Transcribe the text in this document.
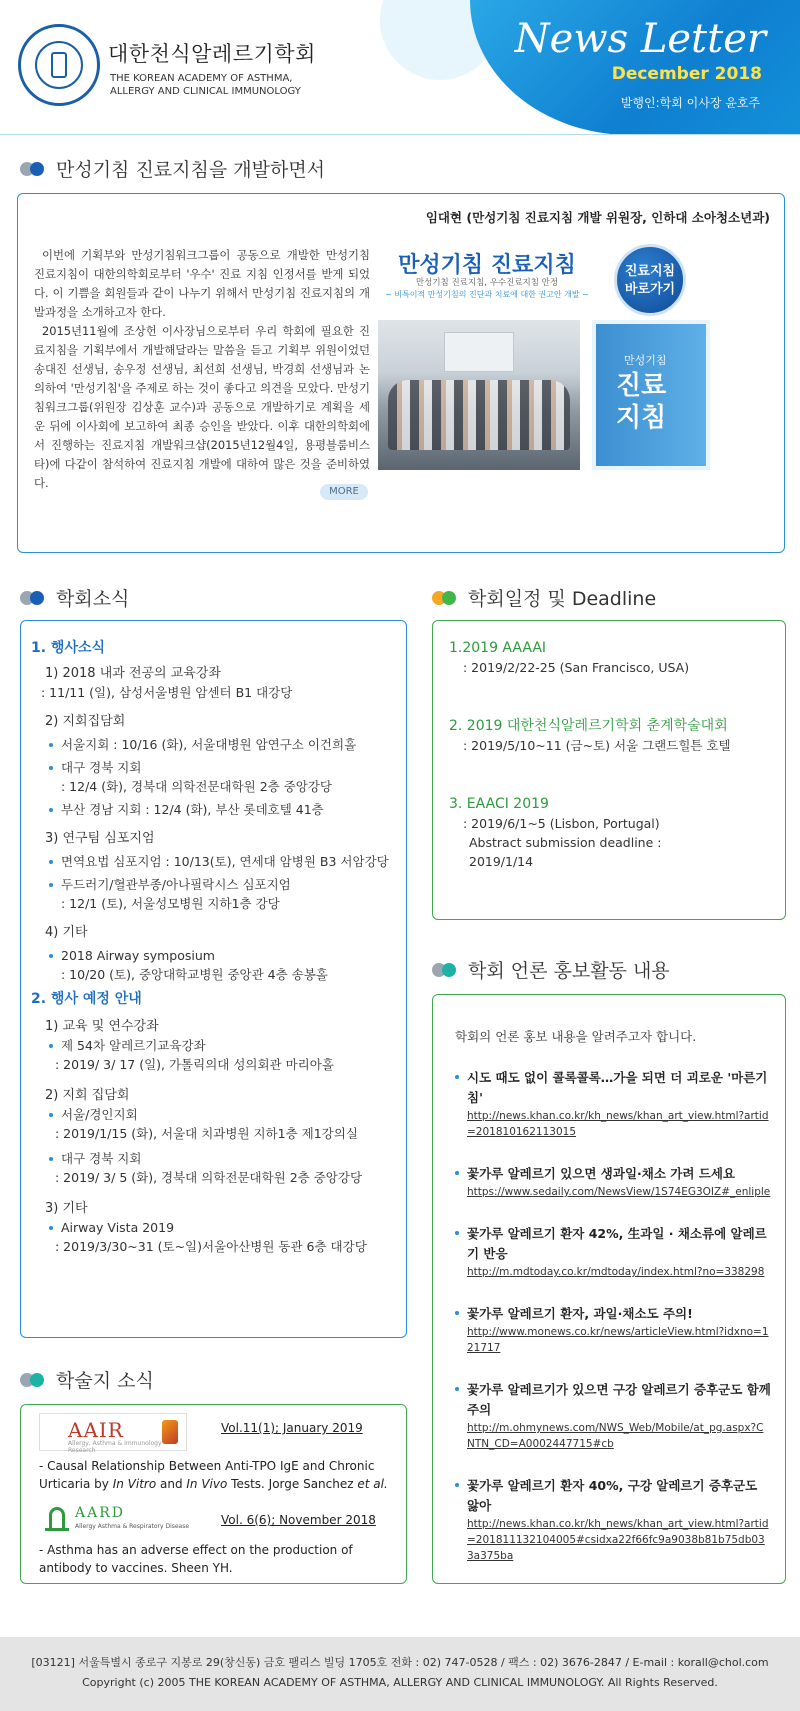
대한천식알레르기학회
THE KOREAN ACADEMY OF ASTHMA,
ALLERGY AND CLINICAL IMMUNOLOGY
News Letter
December 2018
발행인:학회 이사장 윤호주
만성기침 진료지침을 개발하면서
임대현 (만성기침 진료지침 개발 위원장, 인하대 소아청소년과)

이번에 기획부와 만성기침워크그룹이 공동으로 개발한 만성기침 진료지침이 대한의학회로부터 '우수' 진료 지침 인정서를 받게 되었다. 이 기쁨을 회원들과 같이 나누기 위해서 만성기침 진료지침의 개발과정을 소개하고자 한다.

2015년11월에 조상헌 이사장님으로부터 우리 학회에 필요한 진료지침을 기획부에서 개발해달라는 말씀을 듣고 기획부 위원이었던 송대진 선생님, 송우정 선생님, 최선희 선생님, 박경희 선생님과 논의하여 '만성기침'을 주제로 하는 것이 좋다고 의견을 모았다. 만성기침워크그룹(위원장 김상훈 교수)과 공동으로 개발하기로 계획을 세운 뒤에 이사회에 보고하여 최종 승인을 받았다. 이후 대한의학회에서 진행하는 진료지침 개발워크샵(2015년12월4일, 용평블룸비스타)에 다같이 참석하여 진료지침 개발에 대하여 많은 것을 준비하였다.

MORE
만성기침 진료지침
만성기침 진료지침, 우수진료지침 안정
~ 비특이적 만성기침의 진단과 치료에 대한 권고안 개발 ~
진료지침
바로가기
만성기침
진료
지침
학회소식
1. 행사소식
1) 2018 내과 전공의 교육강좌
: 11/11 (일), 삼성서울병원 암센터 B1 대강당
2) 지회집담회
서울지회 : 10/16 (화), 서울대병원 암연구소 이건희홀
대구 경북 지회
: 12/4 (화), 경북대 의학전문대학원 2층 중앙강당
부산 경남 지회 : 12/4 (화), 부산 롯데호텔 41층
3) 연구팀 심포지엄
면역요법 심포지엄 : 10/13(토), 연세대 암병원 B3 서암강당
두드러기/혈관부종/아나필락시스 심포지엄
: 12/1 (토), 서울성모병원 지하1층 강당
4) 기타
2018 Airway symposium
: 10/20 (토), 중앙대학교병원 중앙관 4층 송봉홀
2. 행사 예정 안내
1) 교육 및 연수강좌
제 54차 알레르기교육강좌
: 2019/ 3/ 17 (일), 가톨릭의대 성의회관 마리아홀
2) 지회 집담회
서울/경인지회
: 2019/1/15 (화), 서울대 치과병원 지하1층 제1강의실
대구 경북 지회
: 2019/ 3/ 5 (화), 경북대 의학전문대학원 2층 중앙강당
3) 기타
Airway Vista 2019
: 2019/3/30~31 (토~일)서울아산병원 동관 6층 대강당
학회일정 및 Deadline
1.2019 AAAAI
: 2019/2/22-25 (San Francisco, USA)
2. 2019 대한천식알레르기학회 춘계학술대회
: 2019/5/10~11 (금~토) 서울 그랜드힐튼 호텔
3. EAACI 2019
: 2019/6/1~5 (Lisbon, Portugal)
Abstract submission deadline :
2019/1/14
학회 언론 홍보활동 내용
학회의 언론 홍보 내용을 알려주고자 합니다.
시도 때도 없이 콜록콜록…가을 되면 더 괴로운 '마른기침'
http://news.khan.co.kr/kh_news/khan_art_view.html?artid=201810162113015
꽃가루 알레르기 있으면 생과일·채소 가려 드세요
https://www.sedaily.com/NewsView/1S74EG3OIZ#_enliple
꽃가루 알레르기 환자 42%, 生과일 · 채소류에 알레르기 반응
http://m.mdtoday.co.kr/mdtoday/index.html?no=338298
꽃가루 알레르기 환자, 과일·채소도 주의!
http://www.monews.co.kr/news/articleView.html?idxno=121717
꽃가루 알레르기가 있으면 구강 알레르기 증후군도 함께 주의
http://m.ohmynews.com/NWS_Web/Mobile/at_pg.aspx?CNTN_CD=A0002447715#cb
꽃가루 알레르기 환자 40%, 구강 알레르기 증후군도 앓아
http://news.khan.co.kr/kh_news/khan_art_view.html?artid=201811132104005#csidxa22f66fc9a9038b81b75db033a375ba
학술지 소식
AAIR
Allergy, Asthma & Immunology Research
Vol.11(1); January 2019
- Causal Relationship Between Anti-TPO IgE and Chronic Urticaria by In Vitro and In Vivo Tests. Jorge Sanchez et al.
AARD
Allergy Asthma & Respiratory Disease	Vol. 6(6); November 2018
- Asthma has an adverse effect on the production of antibody to vaccines. Sheen YH.
[03121] 서울특별시 종로구 지봉로 29(창신동) 금호 팰리스 빌딩 1705호 전화 : 02) 747-0528 / 팩스 : 02) 3676-2847 / E-mail : korall@chol.com
Copyright (c) 2005 THE KOREAN ACADEMY OF ASTHMA, ALLERGY AND CLINICAL IMMUNOLOGY. All Rights Reserved.
